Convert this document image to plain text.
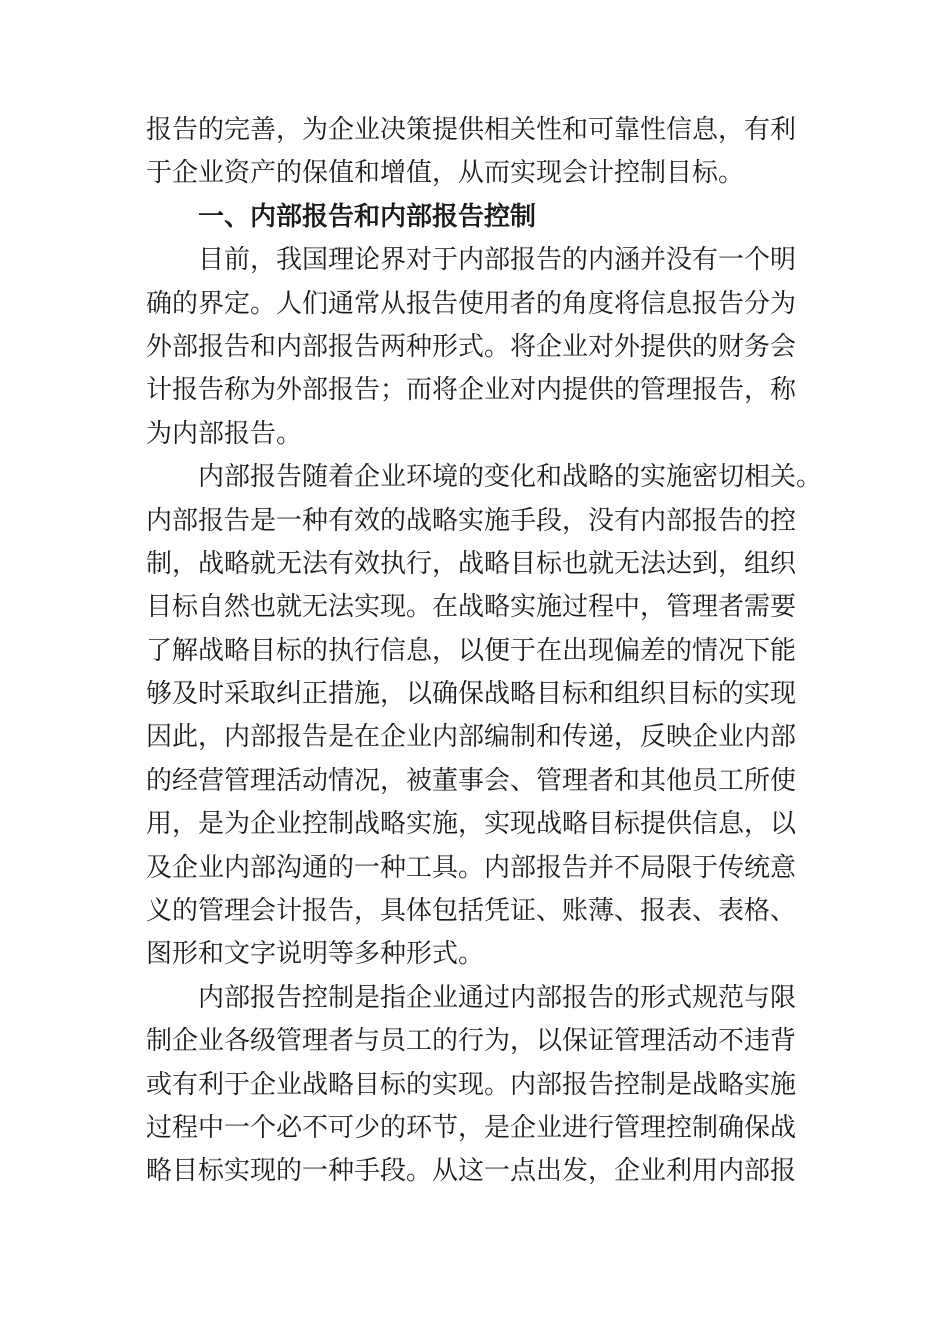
报告的完善，为企业决策提供相关性和可靠性信息，有利
于企业资产的保值和增值，从而实现会计控制目标。
一、内部报告和内部报告控制
目前，我国理论界对于内部报告的内涵并没有一个明
确的界定。人们通常从报告使用者的角度将信息报告分为
外部报告和内部报告两种形式。将企业对外提供的财务会
计报告称为外部报告；而将企业对内提供的管理报告，称
为内部报告。
内部报告随着企业环境的变化和战略的实施密切相关。
内部报告是一种有效的战略实施手段，没有内部报告的控
制，战略就无法有效执行，战略目标也就无法达到，组织
目标自然也就无法实现。在战略实施过程中，管理者需要
了解战略目标的执行信息，以便于在出现偏差的情况下能
够及时采取纠正措施，以确保战略目标和组织目标的实现
因此，内部报告是在企业内部编制和传递，反映企业内部
的经营管理活动情况，被董事会、管理者和其他员工所使
用，是为企业控制战略实施，实现战略目标提供信息，以
及企业内部沟通的一种工具。内部报告并不局限于传统意
义的管理会计报告，具体包括凭证、账薄、报表、表格、
图形和文字说明等多种形式。
内部报告控制是指企业通过内部报告的形式规范与限
制企业各级管理者与员工的行为，以保证管理活动不违背
或有利于企业战略目标的实现。内部报告控制是战略实施
过程中一个必不可少的环节，是企业进行管理控制确保战
略目标实现的一种手段。从这一点出发，企业利用内部报
